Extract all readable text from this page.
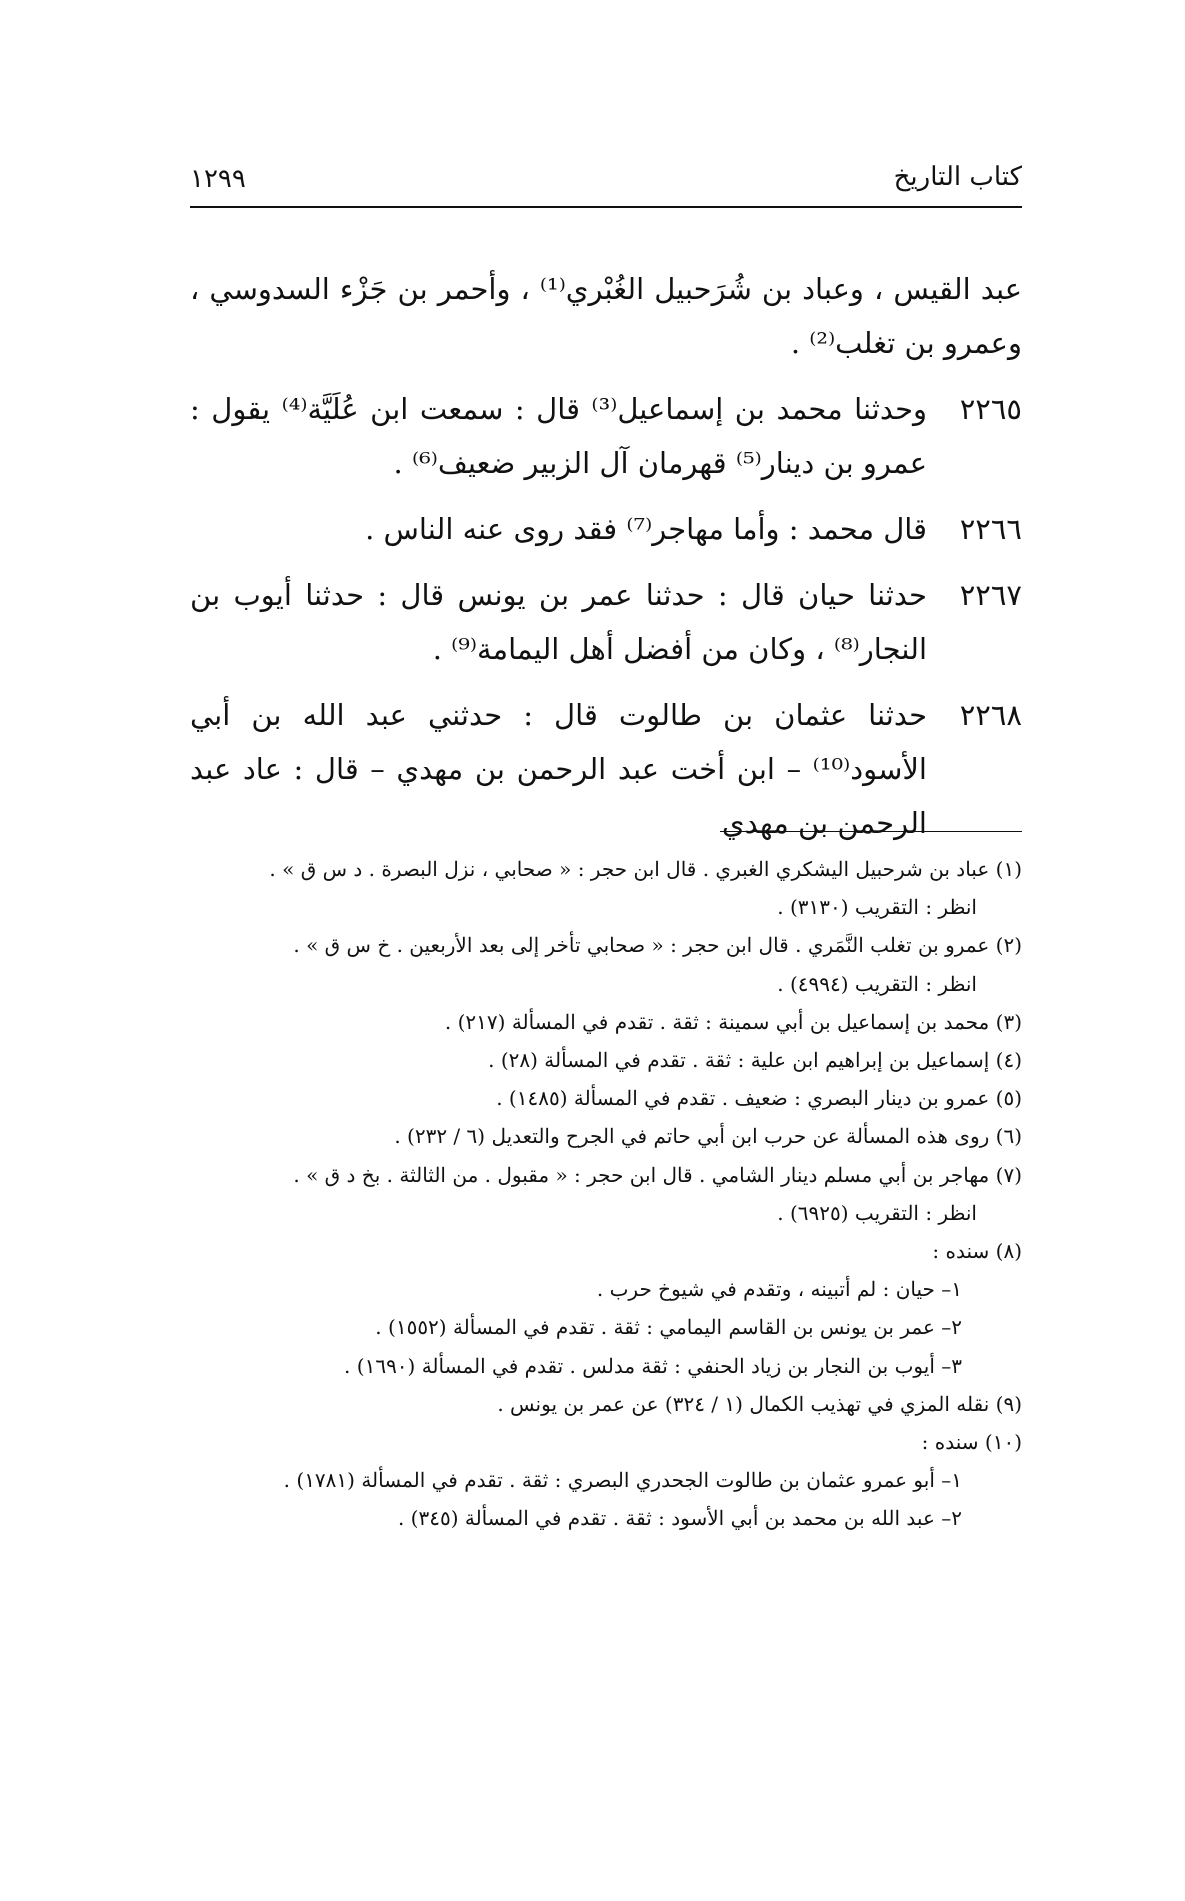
كتاب التاريخ
١٢٩٩

عبد القيس ، وعباد بن شُرَحبيل الغُبْري⁽¹⁾ ، وأحمر بن جَزْء السدوسي ، وعمرو بن تغلب⁽²⁾ .

٢٢٦٥
وحدثنا محمد بن إسماعيل⁽³⁾ قال : سمعت ابن عُلَيَّة⁽⁴⁾ يقول : عمرو بن دينار⁽⁵⁾ قهرمان آل الزبير ضعيف⁽⁶⁾ .

٢٢٦٦
قال محمد : وأما مهاجر⁽⁷⁾ فقد روى عنه الناس .

٢٢٦٧
حدثنا حيان قال : حدثنا عمر بن يونس قال : حدثنا أيوب بن النجار⁽⁸⁾ ، وكان من أفضل أهل اليمامة⁽⁹⁾ .

٢٢٦٨
حدثنا عثمان بن طالوت قال : حدثني عبد الله بن أبي الأسود⁽¹⁰⁾ – ابن أخت عبد الرحمن بن مهدي – قال : عاد عبد الرحمن بن مهدي

(١) عباد بن شرحبيل اليشكري الغبري . قال ابن حجر : « صحابي ، نزل البصرة . د س ق » .
انظر : التقريب (٣١٣٠) .
(٢) عمرو بن تغلب النَّمَري . قال ابن حجر : « صحابي تأخر إلى بعد الأربعين . خ س ق » .
انظر : التقريب (٤٩٩٤) .
(٣) محمد بن إسماعيل بن أبي سمينة : ثقة . تقدم في المسألة (٢١٧) .
(٤) إسماعيل بن إبراهيم ابن علية : ثقة . تقدم في المسألة (٢٨) .
(٥) عمرو بن دينار البصري : ضعيف . تقدم في المسألة (١٤٨٥) .
(٦) روى هذه المسألة عن حرب ابن أبي حاتم في الجرح والتعديل (٦ / ٢٣٢) .
(٧) مهاجر بن أبي مسلم دينار الشامي . قال ابن حجر : « مقبول . من الثالثة . بخ د ق » .
انظر : التقريب (٦٩٢٥) .
(٨) سنده :
١– حيان : لم أتبينه ، وتقدم في شيوخ حرب .
٢– عمر بن يونس بن القاسم اليمامي : ثقة . تقدم في المسألة (١٥٥٢) .
٣– أيوب بن النجار بن زياد الحنفي : ثقة مدلس . تقدم في المسألة (١٦٩٠) .
(٩) نقله المزي في تهذيب الكمال (١ / ٣٢٤) عن عمر بن يونس .
(١٠) سنده :
١– أبو عمرو عثمان بن طالوت الجحدري البصري : ثقة . تقدم في المسألة (١٧٨١) .
٢– عبد الله بن محمد بن أبي الأسود : ثقة . تقدم في المسألة (٣٤٥) .
